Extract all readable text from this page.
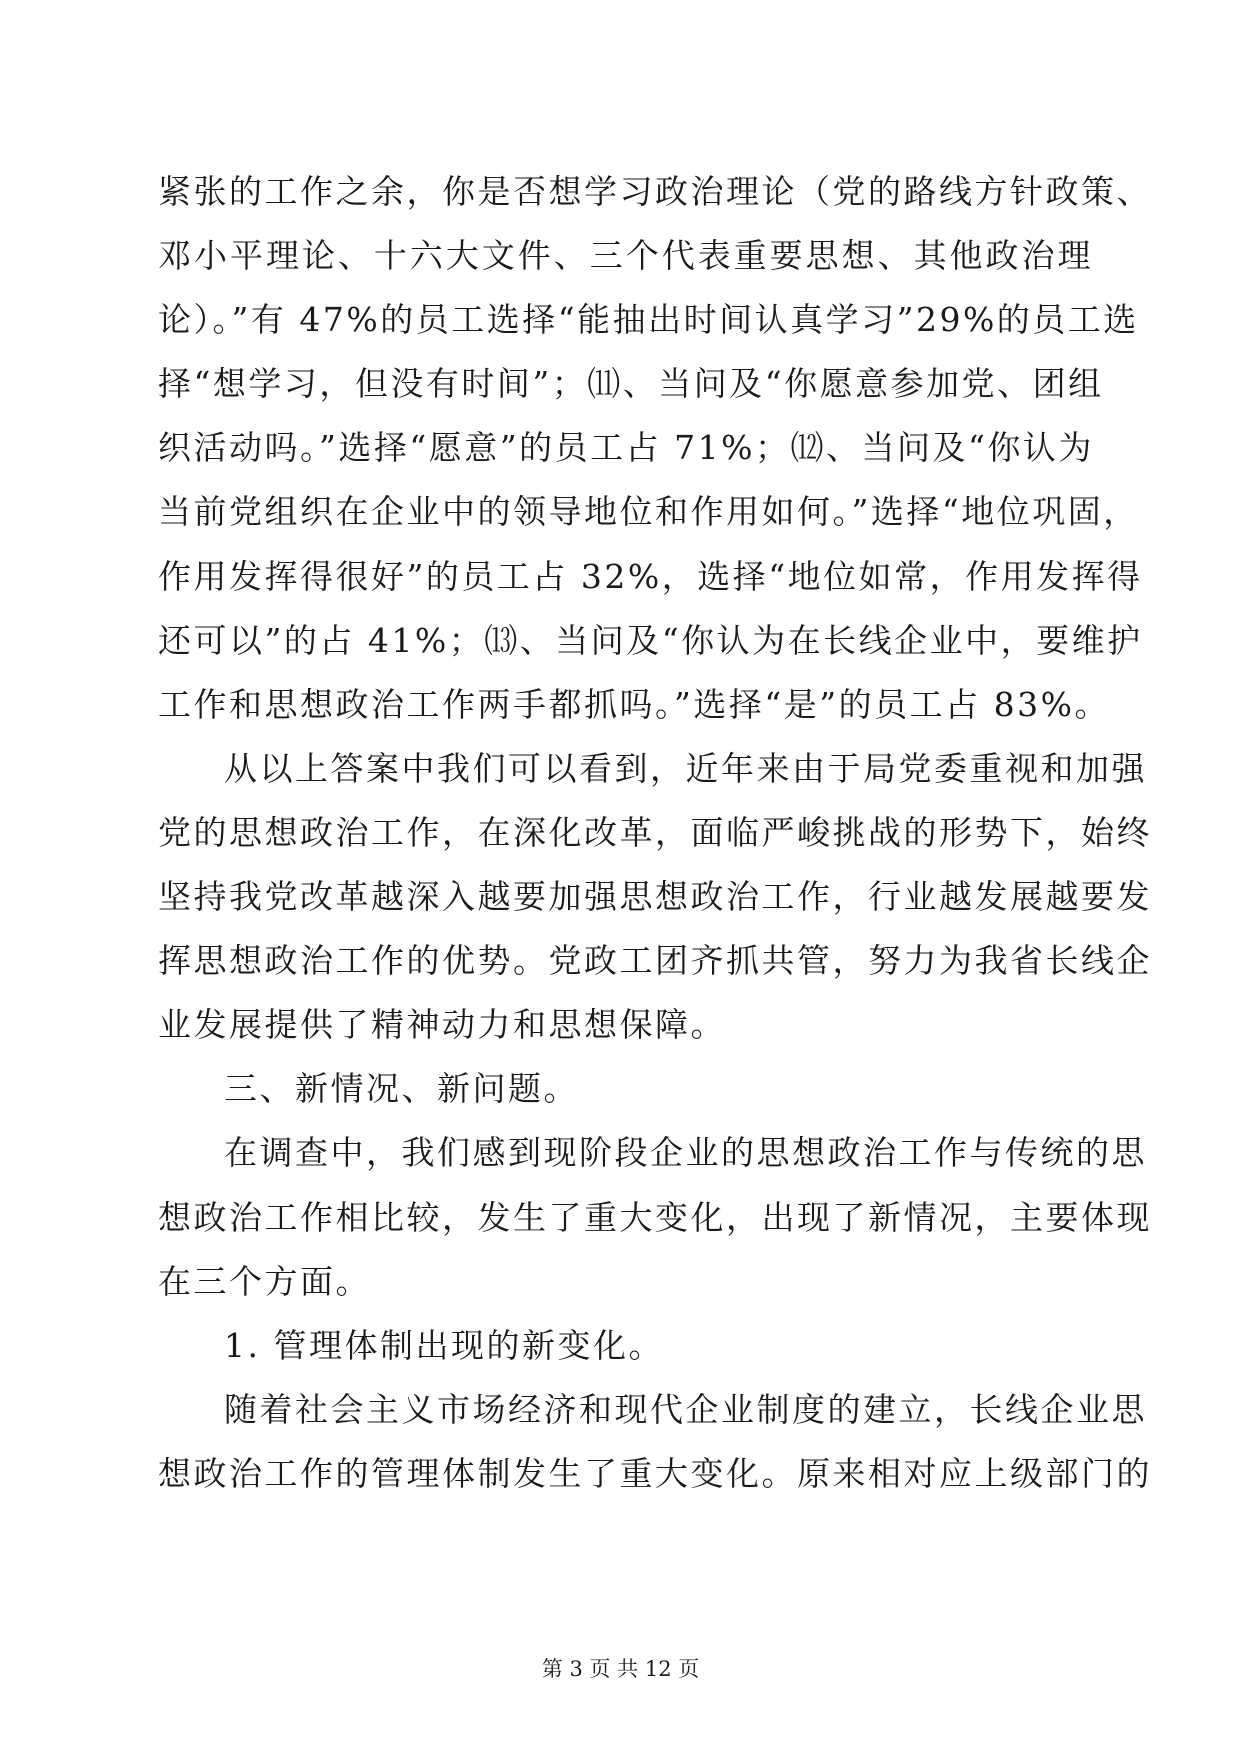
紧张的工作之余，你是否想学习政治理论（党的路线方针政策、
邓小平理论、十六大文件、三个代表重要思想、其他政治理
论）。”有 47%的员工选择“能抽出时间认真学习”29%的员工选
择“想学习，但没有时间”；⑾、当问及“你愿意参加党、团组
织活动吗。”选择“愿意”的员工占 71%；⑿、当问及“你认为
当前党组织在企业中的领导地位和作用如何。”选择“地位巩固，
作用发挥得很好”的员工占 32%，选择“地位如常，作用发挥得
还可以”的占 41%；⒀、当问及“你认为在长线企业中，要维护
工作和思想政治工作两手都抓吗。”选择“是”的员工占 83%。
从以上答案中我们可以看到，近年来由于局党委重视和加强
党的思想政治工作，在深化改革，面临严峻挑战的形势下，始终
坚持我党改革越深入越要加强思想政治工作，行业越发展越要发
挥思想政治工作的优势。党政工团齐抓共管，努力为我省长线企
业发展提供了精神动力和思想保障。
三、新情况、新问题。
在调查中，我们感到现阶段企业的思想政治工作与传统的思
想政治工作相比较，发生了重大变化，出现了新情况，主要体现
在三个方面。
1. 管理体制出现的新变化。
随着社会主义市场经济和现代企业制度的建立，长线企业思
想政治工作的管理体制发生了重大变化。原来相对应上级部门的
第 3 页 共 12 页
